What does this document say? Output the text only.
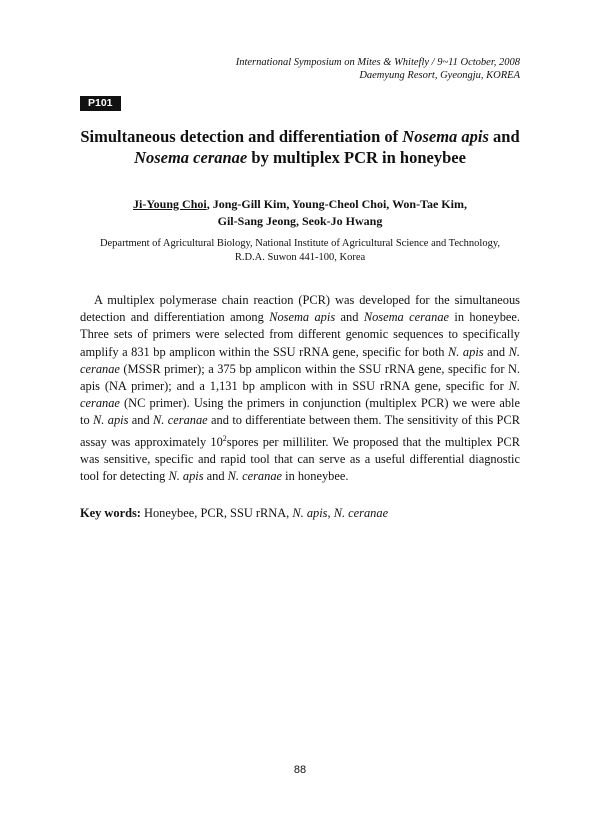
International Symposium on Mites & Whitefly / 9~11 October, 2008
Daemyung Resort, Gyeongju, KOREA
P101
Simultaneous detection and differentiation of Nosema apis and
Nosema ceranae by multiplex PCR in honeybee
Ji-Young Choi, Jong-Gill Kim, Young-Cheol Choi, Won-Tae Kim,
Gil-Sang Jeong, Seok-Jo Hwang
Department of Agricultural Biology, National Institute of Agricultural Science and Technology,
R.D.A. Suwon 441-100, Korea
A multiplex polymerase chain reaction (PCR) was developed for the simultaneous detection and differentiation among Nosema apis and Nosema ceranae in honeybee. Three sets of primers were selected from different genomic sequences to specifically amplify a 831 bp amplicon within the SSU rRNA gene, specific for both N. apis and N. ceranae (MSSR primer); a 375 bp amplicon within the SSU rRNA gene, specific for N. apis (NA primer); and a 1,131 bp amplicon with in SSU rRNA gene, specific for N. ceranae (NC primer). Using the primers in conjunction (multiplex PCR) we were able to N. apis and N. ceranae and to differentiate between them. The sensitivity of this PCR assay was approximately $10^2spores$ per milliliter. We proposed that the multiplex PCR was sensitive, specific and rapid tool that can serve as a useful differential diagnostic tool for detecting N. apis and N. ceranae in honeybee.
Key words: Honeybee, PCR, SSU rRNA, N. apis, N. ceranae
88
